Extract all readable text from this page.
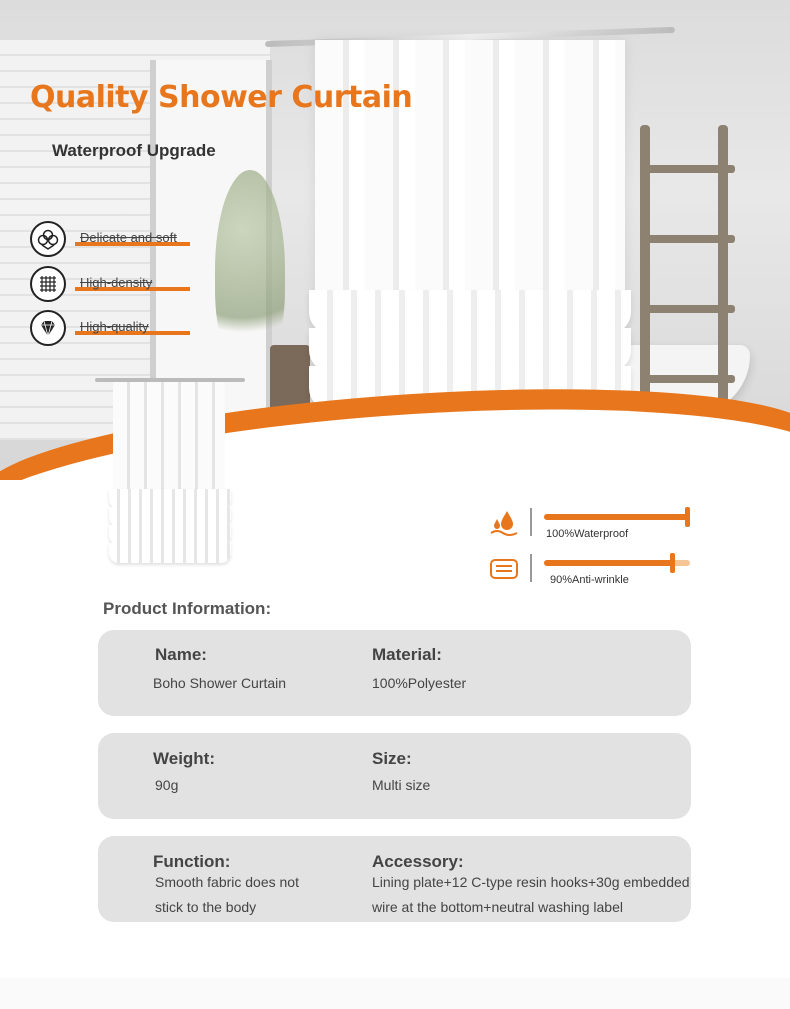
Quality Shower Curtain
Waterproof Upgrade
Delicate and soft
High-density
High-quality
100%Waterproof
90%Anti-wrinkle
Product Information:
Name:
Boho Shower Curtain
Material:
100%Polyester
Weight:
90g
Size:
Multi size
Function:
Smooth fabric does not
stick to the body
Accessory:
Lining plate+12 C-type resin hooks+30g embedded
wire at the bottom+neutral washing label
